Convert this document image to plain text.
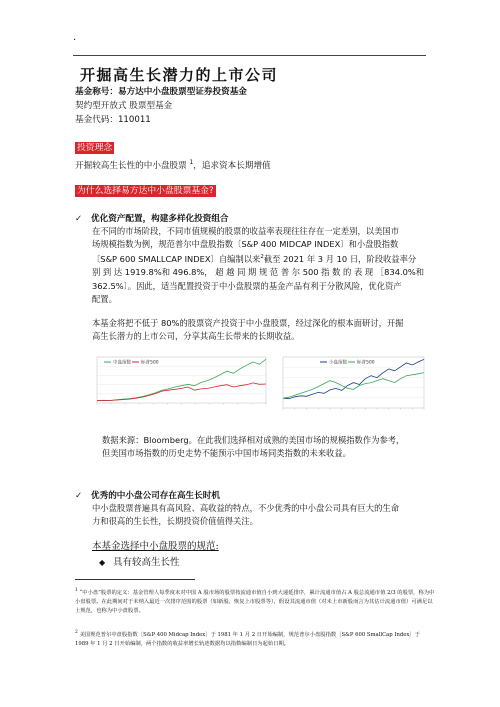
·
开掘高生长潜力的上市公司
基金称号：易方达中小盘股票型证券投资基金
契约型开放式 股票型基金
基金代码：110011
投资理念
开掘较高生长性的中小盘股票 $^1$，追求资本长期增值
为什么选择易方达中小盘股票基金?
✓ 优化资产配置，构建多样化投资组合
在不同的市场阶段，不同市值规模的股票的收益率表现往往存在一定差别，以美国市
场规模指数为例，规范普尔中盘股指数〔S&P 400 MIDCAP INDEX〕和小盘股指数
〔S&P 600 SMALLCAP INDEX〕自编制以来$^2$截至 2021 年 3 月 10 日，阶段收益率分
别 到 达 1919.8%和 496.8%， 超 越 同 期 规 范 普 尔 500 指 数 的 表 现 ［834.0%和
362.5%〕。因此，适当配置投资于中小盘股票的基金产品有利于分散风险，优化资产
配置。
本基金将把不低于 80%的股票资产投资于中小盘股票，经过深化的根本面研讨，开掘
高生长潜力的上市公司，分享其高生长带来的长期收益。
中盘指数 标普500	小盘指数 标普500
数据来源：Bloomberg。在此我们选择相对成熟的美国市场的规模指数作为参考，
但美国市场指数的历史走势不能预示中国市场同类指数的未来收益。
✓ 优秀的中小盘公司存在高生长时机
中小盘股票普遍具有高风险、高收益的特点，不少优秀的中小盘公司具有巨大的生命
力和很高的生长性，长期投资价值值得关注。
本基金选择中小盘股票的规范:
◆ 具有较高生长性
$^1$ “中小盘”股票的定义：基金管理人每季度末对中国 A 股市场的股票按流通市值自小到大递延排序，累计流通市值占 A 股总流通市值 2/3 的股票，称为中小盘股票。在此期间对于未纳入最近一次排序范围的股票（如新股、恢复上市股票等），假设其流通市值（对未上市新股而言为其估计流通市值）可满足以上规范，也称为中小盘股票。
$^2$ 美国规范普尔中盘股指数〔S&P 400 Midcap Index〕于 1981 年 1 月 2 日开始编制，规范普尔小盘股指数〔S&P 600 SmallCap Index〕于 1989 年 1 月 2 日开始编制，两个指数的收益率增长轨迹数据均以指数编制日为起始日期。
